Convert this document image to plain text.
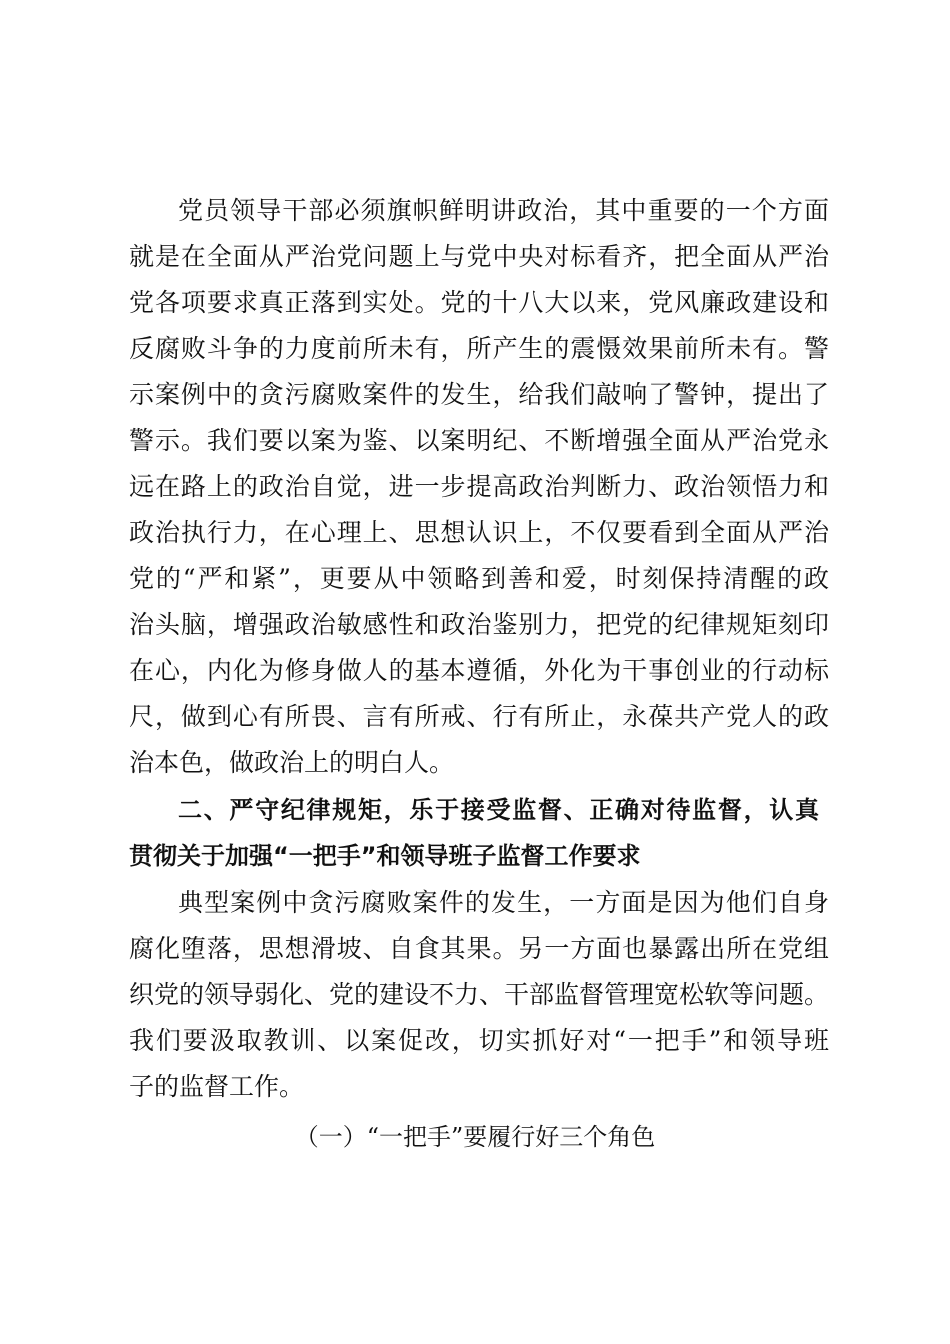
党员领导干部必须旗帜鲜明讲政治，其中重要的一个方面
就是在全面从严治党问题上与党中央对标看齐，把全面从严治
党各项要求真正落到实处。党的十八大以来，党风廉政建设和
反腐败斗争的力度前所未有，所产生的震慑效果前所未有。警
示案例中的贪污腐败案件的发生，给我们敲响了警钟，提出了
警示。我们要以案为鉴、以案明纪、不断增强全面从严治党永
远在路上的政治自觉，进一步提高政治判断力、政治领悟力和
政治执行力，在心理上、思想认识上，不仅要看到全面从严治
党的“严和紧”，更要从中领略到善和爱，时刻保持清醒的政
治头脑，增强政治敏感性和政治鉴别力，把党的纪律规矩刻印
在心，内化为修身做人的基本遵循，外化为干事创业的行动标
尺，做到心有所畏、言有所戒、行有所止，永葆共产党人的政
治本色，做政治上的明白人。
二、严守纪律规矩，乐于接受监督、正确对待监督，认真
贯彻关于加强“一把手”和领导班子监督工作要求
典型案例中贪污腐败案件的发生，一方面是因为他们自身
腐化堕落，思想滑坡、自食其果。另一方面也暴露出所在党组
织党的领导弱化、党的建设不力、干部监督管理宽松软等问题。
我们要汲取教训、以案促改，切实抓好对“一把手”和领导班
子的监督工作。
（一）“一把手”要履行好三个角色
